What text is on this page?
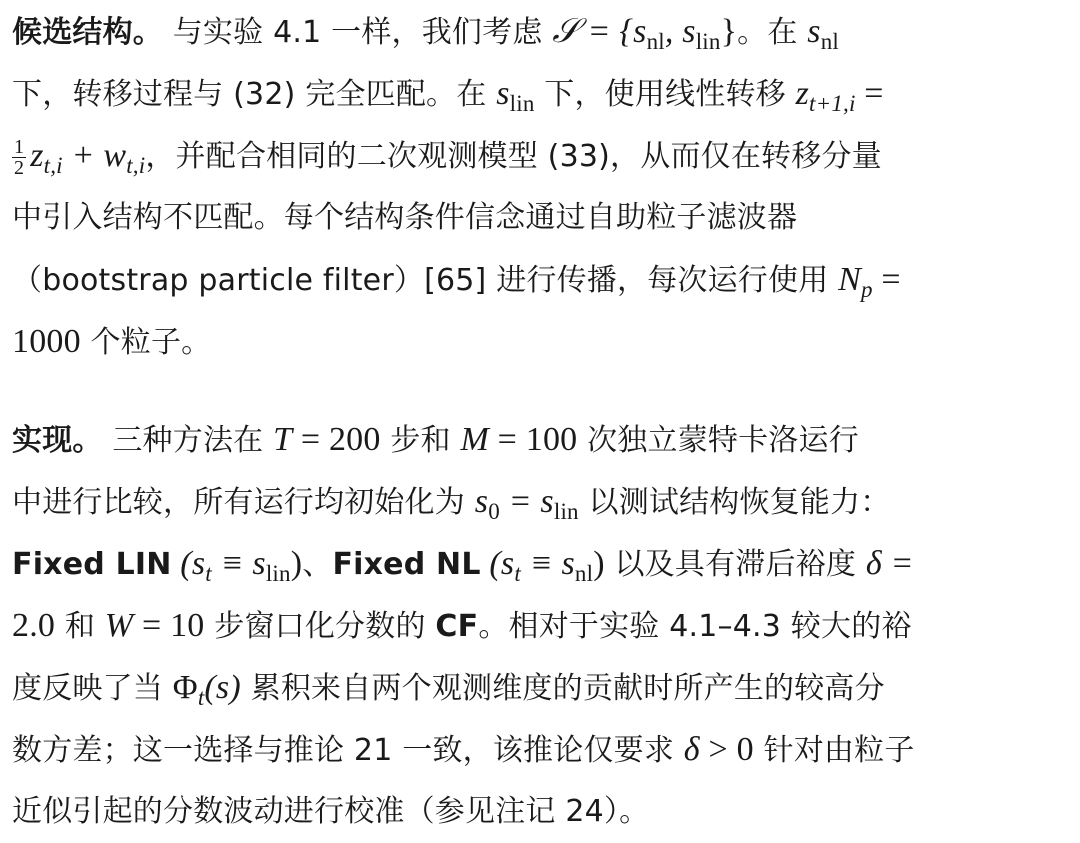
候选结构。 与实验 4.1 一样，我们考虑 𝒮 = {$s_{nl}$, $s_{lin}$}。在 $s_{nl}$
下，转移过程与 (32) 完全匹配。在 $s_{lin}$ 下，使用线性转移 $z_{t+1,i}$ =
$\frac{1}{2} z_{t,i} + w_{t,i}$，并配合相同的二次观测模型 (33)，从而仅在转移分量
中引入结构不匹配。每个结构条件信念通过自助粒子滤波器
（bootstrap particle filter）[65] 进行传播，每次运行使用 $N_p$ =
1000 个粒子。
实现。 三种方法在 T = 200 步和 M = 100 次独立蒙特卡洛运行
中进行比较，所有运行均初始化为 $s_0 = s_{lin}$ 以测试结构恢复能力：
Fixed LIN $(s_t \equiv s_{lin})$、Fixed NL $(s_t \equiv s_{nl})$ 以及具有滞后裕度 δ =
2.0 和 W = 10 步窗口化分数的 CF。相对于实验 4.1–4.3 较大的裕
度反映了当 $\Phi_t(s)$ 累积来自两个观测维度的贡献时所产生的较高分
数方差；这一选择与推论 21 一致，该推论仅要求 δ > 0 针对由粒子
近似引起的分数波动进行校准（参见注记 24）。
